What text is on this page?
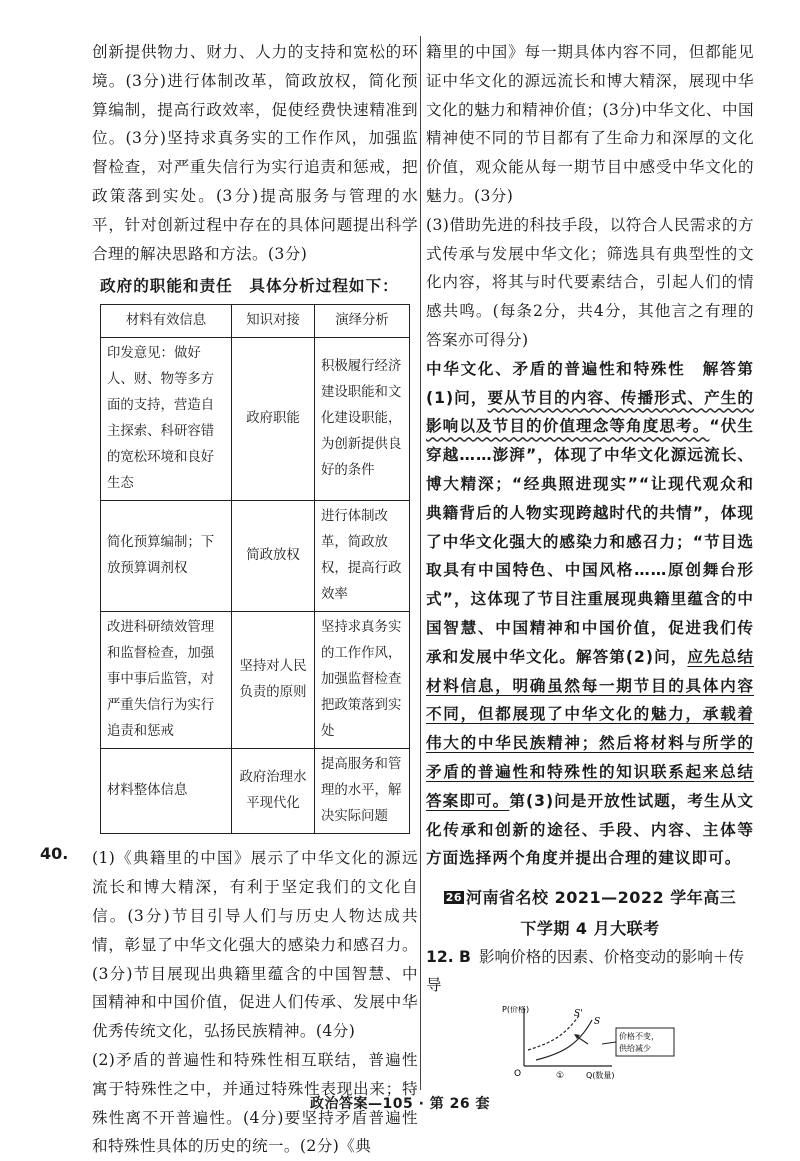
创新提供物力、财力、人力的支持和宽松的环境。(3分)进行体制改革，简政放权，简化预算编制，提高行政效率，促使经费快速精准到位。(3分)坚持求真务实的工作作风，加强监督检查，对严重失信行为实行追责和惩戒，把政策落到实处。(3分)提高服务与管理的水平，针对创新过程中存在的具体问题提出科学合理的解决思路和方法。(3分)

政府的职能和责任　具体分析过程如下：
材料有效信息	知识对接	演绎分析
印发意见：做好人、财、物等多方面的支持，营造自主探索、科研容错的宽松环境和良好生态	政府职能	积极履行经济建设职能和文化建设职能，为创新提供良好的条件
简化预算编制；下放预算调剂权	简政放权	进行体制改革，简政放权，提高行政效率
改进科研绩效管理和监督检查，加强事中事后监管，对严重失信行为实行追责和惩戒	坚持对人民负责的原则	坚持求真务实的工作作风，加强监督检查把政策落到实处
材料整体信息	政府治理水平现代化	提高服务和管理的水平，解决实际问题
40. (1)《典籍里的中国》展示了中华文化的源远流长和博大精深，有利于坚定我们的文化自信。(3分)节目引导人们与历史人物达成共情，彰显了中华文化强大的感染力和感召力。(3分)节目展现出典籍里蕴含的中国智慧、中国精神和中国价值，促进人们传承、发展中华优秀传统文化，弘扬民族精神。(4分)

(2)矛盾的普遍性和特殊性相互联结，普遍性寓于特殊性之中，并通过特殊性表现出来；特殊性离不开普遍性。(4分)要坚持矛盾普遍性和特殊性具体的历史的统一。(2分)《典

籍里的中国》每一期具体内容不同，但都能见证中华文化的源远流长和博大精深，展现中华文化的魅力和精神价值；(3分)中华文化、中国精神使不同的节目都有了生命力和深厚的文化价值，观众能从每一期节目中感受中华文化的魅力。(3分)

(3)借助先进的科技手段，以符合人民需求的方式传承与发展中华文化；筛选具有典型性的文化内容，将其与时代要素结合，引起人们的情感共鸣。(每条2分，共4分，其他言之有理的答案亦可得分)

中华文化、矛盾的普遍性和特殊性　解答第(1)问，要从节目的内容、传播形式、产生的影响以及节目的价值理念等角度思考。“伏生穿越……澎湃”，体现了中华文化源远流长、博大精深；“经典照进现实”“让现代观众和典籍背后的人物实现跨越时代的共情”，体现了中华文化强大的感染力和感召力；“节目选取具有中国特色、中国风格……原创舞台形式”，这体现了节目注重展现典籍里蕴含的中国智慧、中国精神和中国价值，促进我们传承和发展中华文化。解答第(2)问，应先总结材料信息，明确虽然每一期节目的具体内容不同，但都展现了中华文化的魅力，承载着伟大的中华民族精神；然后将材料与所学的矛盾的普遍性和特殊性的知识联系起来总结答案即可。第(3)问是开放性试题，考生从文化传承和创新的途径、手段、内容、主体等方面选择两个角度并提出合理的建议即可。

26 河南省名校 2021—2022 学年高三
下学期 4 月大联考
12. B 影响价格的因素、价格变动的影响＋传导
P(价格)
Q(数量)
O
S'
S
价格不变，
供给减少
①
政治答案—105 · 第 26 套
